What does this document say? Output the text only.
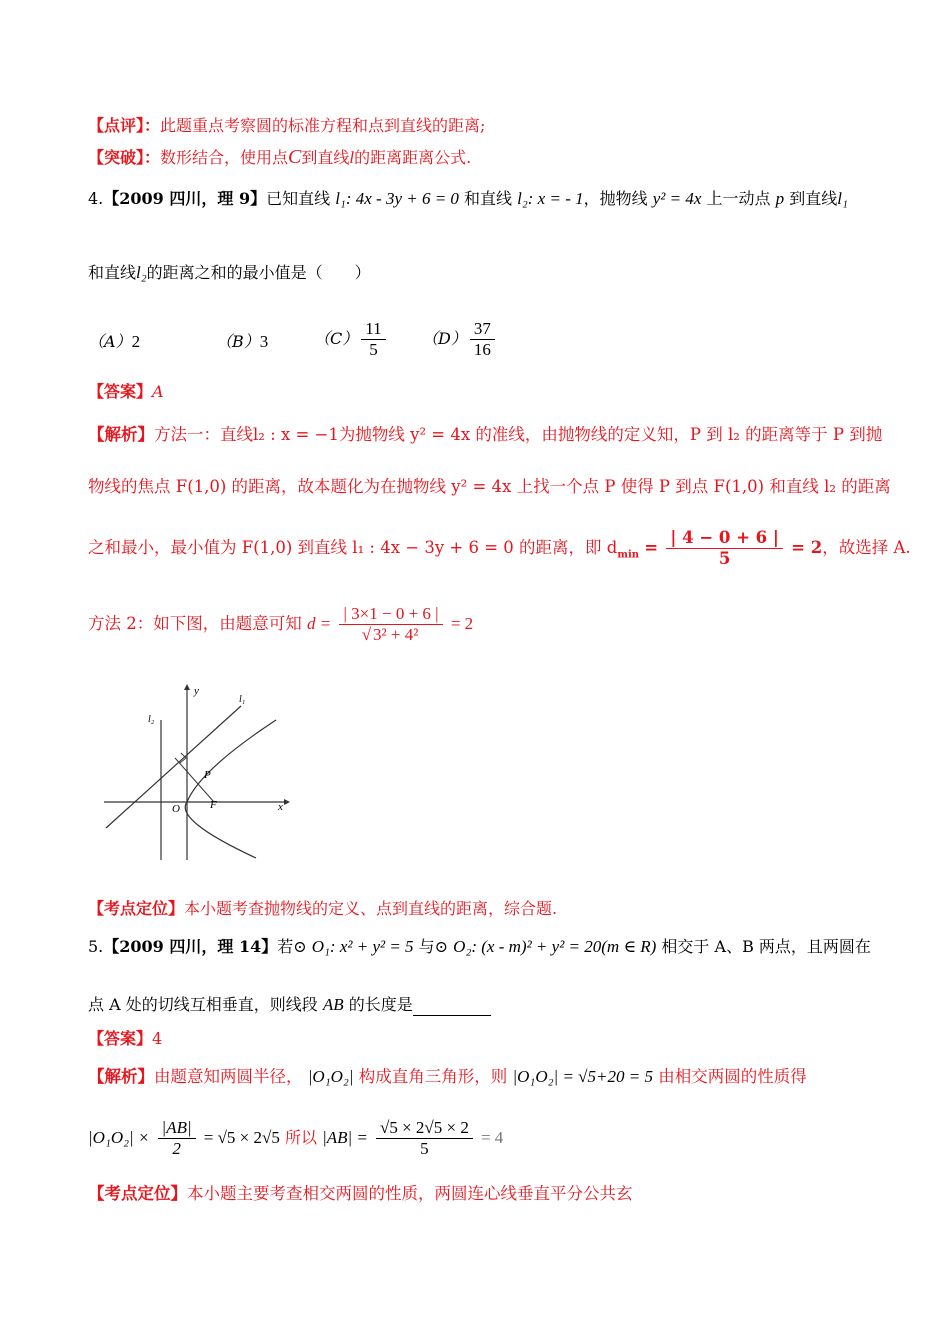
【点评】：此题重点考察圆的标准方程和点到直线的距离;
【突破】：数形结合，使用点C到直线l的距离距离公式.
4.【2009 四川，理 9】已知直线 l₁: 4x - 3y + 6 = 0 和直线 l₂: x = - 1，抛物线 y² = 4x 上一动点 p 到直线l₁
和直线l₂的距离之和的最小值是（　　）
（A）2	（B）3	$(C) \frac{11}{5} (D) \frac{37}{16}$
【答案】A
【解析】方法一：直线l₂ : x = −1为抛物线 y² = 4x 的准线，由抛物线的定义知，P 到 l₂ 的距离等于 P 到抛
物线的焦点 F(1,0) 的距离，故本题化为在抛物线 y² = 4x 上找一个点 P 使得 P 到点 F(1,0) 和直线 l₂ 的距离
之和最小，最小值为 F(1,0) 到直线 l₁ : 4x − 3y + 6 = 0 的距离，即 $d_{min} = \frac{| 4 - 0 + 6 |}{5} = 2$，故选择 A.
方法 2：如下图，由题意可知 $d = \frac{| 3\times 1 - 0 + 6 |}{\text{√ 3² + 4²}} = 2$
y
x
l₁
l₂
O	F
P
【考点定位】本小题考查抛物线的定义、点到直线的距离，综合题.
5.【2009 四川，理 14】若⊙ O₁: x² + y² = 5 与⊙ O₂: (x - m)² + y² = 20(m ∈ R) 相交于 A、B 两点，且两圆在
点 A 处的切线互相垂直，则线段 AB 的长度是
【答案】4
【解析】由题意知两圆半径， |O₁O₂| 构成直角三角形，则 |O₁O₂| = √5+20 = 5 由相交两圆的性质得
$|O_1O_2| \times \frac{|AB|}{2} = √5 \times 2√5$ 所以 $|AB| = \frac{√5 \times 2√5 \times 2}{5} = 4$
【考点定位】本小题主要考查相交两圆的性质，两圆连心线垂直平分公共玄
